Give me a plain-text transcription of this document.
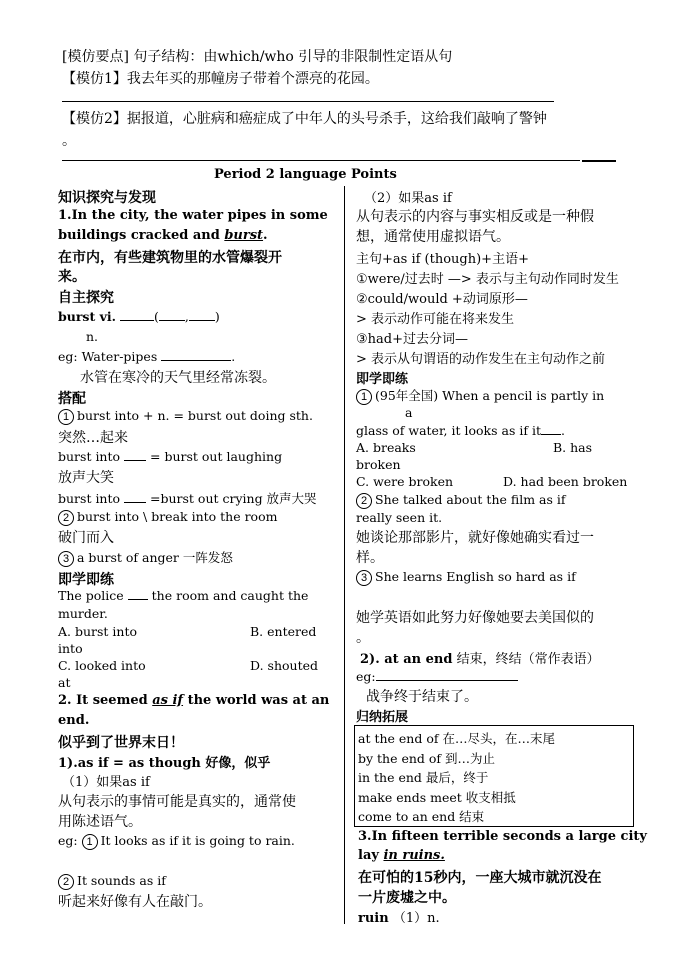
[模仿要点] 句子结构：由which/who 引导的非限制性定语从句
【模仿1】我去年买的那幢房子带着个漂亮的花园。
【模仿2】据报道，心脏病和癌症成了中年人的头号杀手，这给我们敲响了警钟
。
Period 2 language Points
知识探究与发现
1.In the city, the water pipes in some
buildings cracked and burst.
在市内，有些建筑物里的水管爆裂开
来。
自主探究
burst vi.	( , )
n.
eg: Water-pipes	.
水管在寒冷的天气里经常冻裂。
搭配
1 burst into + n. = burst out doing sth.
突然…起来
burst into = burst out laughing
放声大笑
burst into =burst out crying 放声大哭
2 burst into \ break into the room
破门而入
3 a burst of anger 一阵发怒
即学即练
The police the room and caught the
murder.
A. burst into	B. entered
into
C. looked into	D. shouted
at
2. It seemed as if the world was at an
end.
似乎到了世界末日！
1).as if = as though 好像，似乎
（1）如果as if
从句表示的事情可能是真实的，通常使
用陈述语气。
eg: 1 It looks as if it is going to rain.
2 It sounds as if
听起来好像有人在敲门。
（2）如果as if
从句表示的内容与事实相反或是一种假
想，通常使用虚拟语气。
主句+as if (though)+主语+
①were/过去时 —> 表示与主句动作同时发生
②could/would +动词原形—
> 表示动作可能在将来发生
③had+过去分词—
> 表示从句谓语的动作发生在主句动作之前
即学即练
1 (95年全国) When a pencil is partly in
a
glass of water, it looks as if it .
A. breaks	B. has
broken
C. were broken	D. had been broken
2 She talked about the film as if
really seen it.
她谈论那部影片，就好像她确实看过一
样。
3 She learns English so hard as if
她学英语如此努力好像她要去美国似的
。
2). at an end 结束，终结（常作表语）
eg:
战争终于结束了。
归纳拓展
at the end of 在…尽头，在…末尾
by the end of 到…为止
in the end 最后，终于
make ends meet 收支相抵
come to an end 结束
3.In fifteen terrible seconds a large city
lay in ruins.
在可怕的15秒内，一座大城市就沉没在
一片废墟之中。
ruin （1）n.
